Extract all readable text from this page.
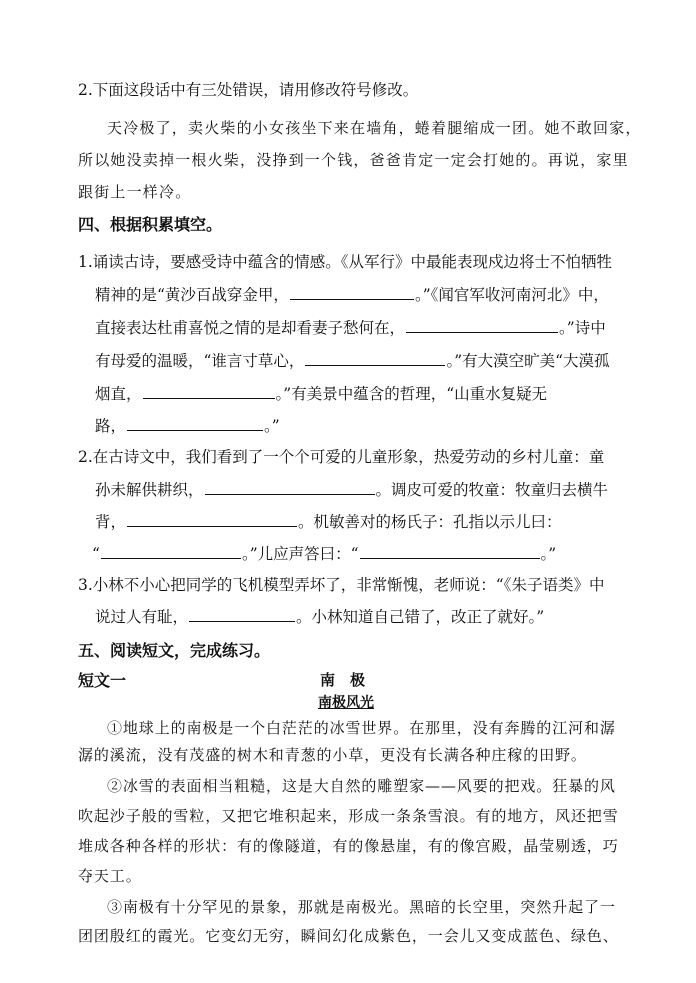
2.下面这段话中有三处错误，请用修改符号修改。
天冷极了，卖火柴的小女孩坐下来在墙角，蜷着腿缩成一团。她不敢回家，
所以她没卖掉一根火柴，没挣到一个钱，爸爸肯定一定会打她的。再说，家里
跟街上一样冷。
四、根据积累填空。
1.诵读古诗，要感受诗中蕴含的情感。《从军行》中最能表现戍边将士不怕牺牲
精神的是“黄沙百战穿金甲，	。”《闻官军收河南河北》中，
直接表达杜甫喜悦之情的是却看妻子愁何在，	。”诗中
有母爱的温暖，“谁言寸草心，	。”有大漠空旷美“大漠孤
烟直，	。”有美景中蕴含的哲理，“山重水复疑无
路，	。”
2.在古诗文中，我们看到了一个个可爱的儿童形象，热爱劳动的乡村儿童：童
孙未解供耕织，	。调皮可爱的牧童：牧童归去横牛
背，	。机敏善对的杨氏子：孔指以示儿曰：
“	。”儿应声答曰：“	。”
3.小林不小心把同学的飞机模型弄坏了，非常惭愧，老师说：“《朱子语类》中
说过人有耻，	。小林知道自己错了，改正了就好。”
五、阅读短文，完成练习。
短文一	南　极
南极风光
①地球上的南极是一个白茫茫的冰雪世界。在那里，没有奔腾的江河和潺
潺的溪流，没有茂盛的树木和青葱的小草，更没有长满各种庄稼的田野。
②冰雪的表面相当粗糙，这是大自然的雕塑家——风要的把戏。狂暴的风
吹起沙子般的雪粒，又把它堆积起来，形成一条条雪浪。有的地方，风还把雪
堆成各种各样的形状：有的像隧道，有的像悬崖，有的像宫殿，晶莹剔透，巧
夺天工。
③南极有十分罕见的景象，那就是南极光。黑暗的长空里，突然升起了一
团团殷红的霞光。它变幻无穷，瞬间幻化成紫色，一会儿又变成蓝色、绿色、
